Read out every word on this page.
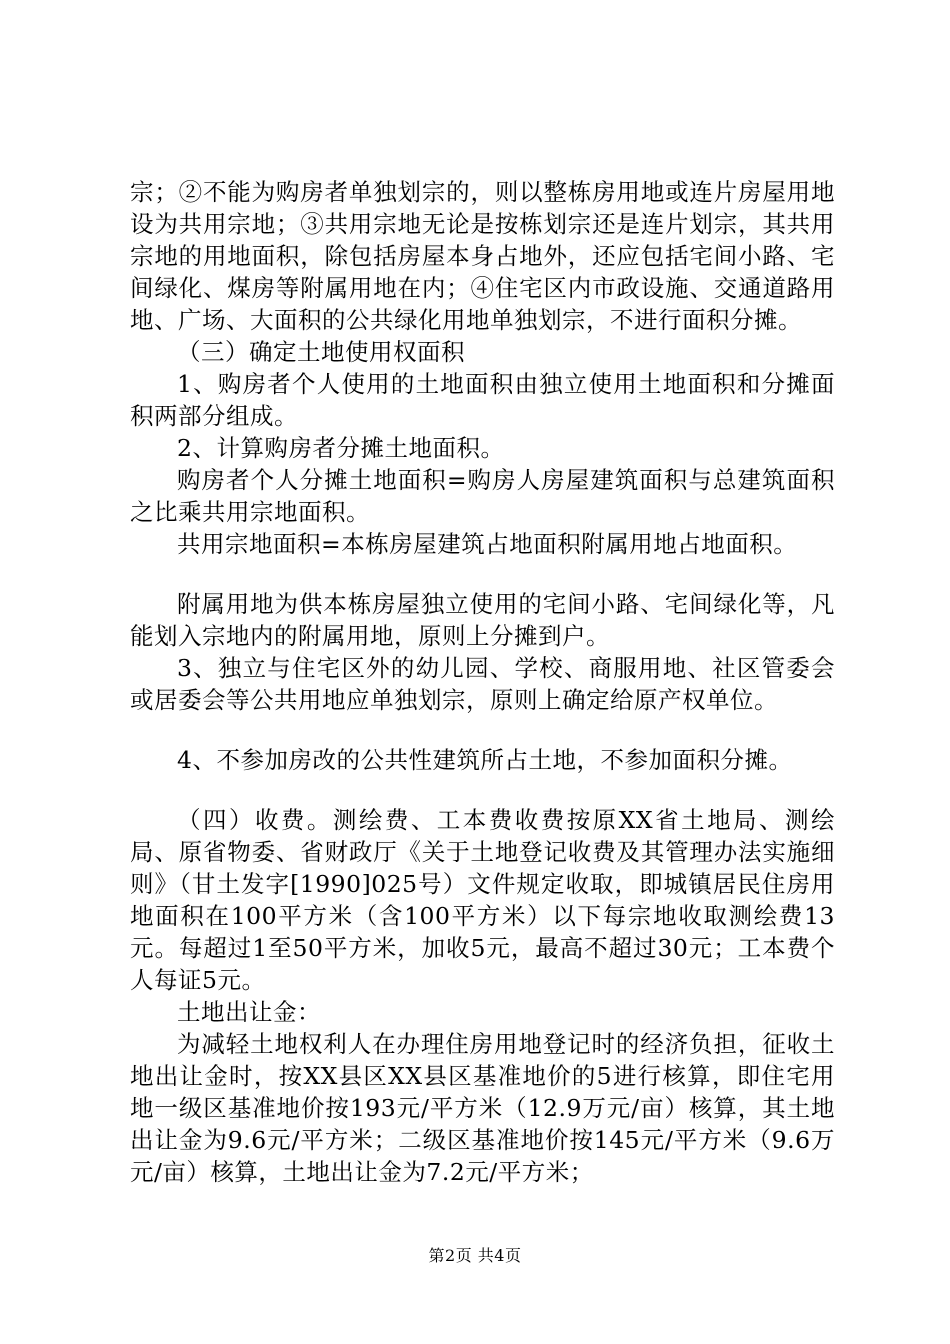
宗；②不能为购房者单独划宗的，则以整栋房用地或连片房屋用地设为共用宗地；③共用宗地无论是按栋划宗还是连片划宗，其共用宗地的用地面积，除包括房屋本身占地外，还应包括宅间小路、宅间绿化、煤房等附属用地在内；④住宅区内市政设施、交通道路用地、广场、大面积的公共绿化用地单独划宗，不进行面积分摊。

（三）确定土地使用权面积

1、购房者个人使用的土地面积由独立使用土地面积和分摊面积两部分组成。

2、计算购房者分摊土地面积。

购房者个人分摊土地面积=购房人房屋建筑面积与总建筑面积之比乘共用宗地面积。

共用宗地面积=本栋房屋建筑占地面积附属用地占地面积。

附属用地为供本栋房屋独立使用的宅间小路、宅间绿化等，凡能划入宗地内的附属用地，原则上分摊到户。

3、独立与住宅区外的幼儿园、学校、商服用地、社区管委会或居委会等公共用地应单独划宗，原则上确定给原产权单位。

4、不参加房改的公共性建筑所占土地，不参加面积分摊。

（四）收费。测绘费、工本费收费按原XX省土地局、测绘局、原省物委、省财政厅《关于土地登记收费及其管理办法实施细则》（甘土发字[1990]025号）文件规定收取，即城镇居民住房用地面积在100平方米（含100平方米）以下每宗地收取测绘费13元。每超过1至50平方米，加收5元，最高不超过30元；工本费个人每证5元。

土地出让金：

为减轻土地权利人在办理住房用地登记时的经济负担，征收土地出让金时，按XX县区XX县区基准地价的5进行核算，即住宅用地一级区基准地价按193元/平方米（12.9万元/亩）核算，其土地出让金为9.6元/平方米；二级区基准地价按145元/平方米（9.6万元/亩）核算，土地出让金为7.2元/平方米；

第2页 共4页
